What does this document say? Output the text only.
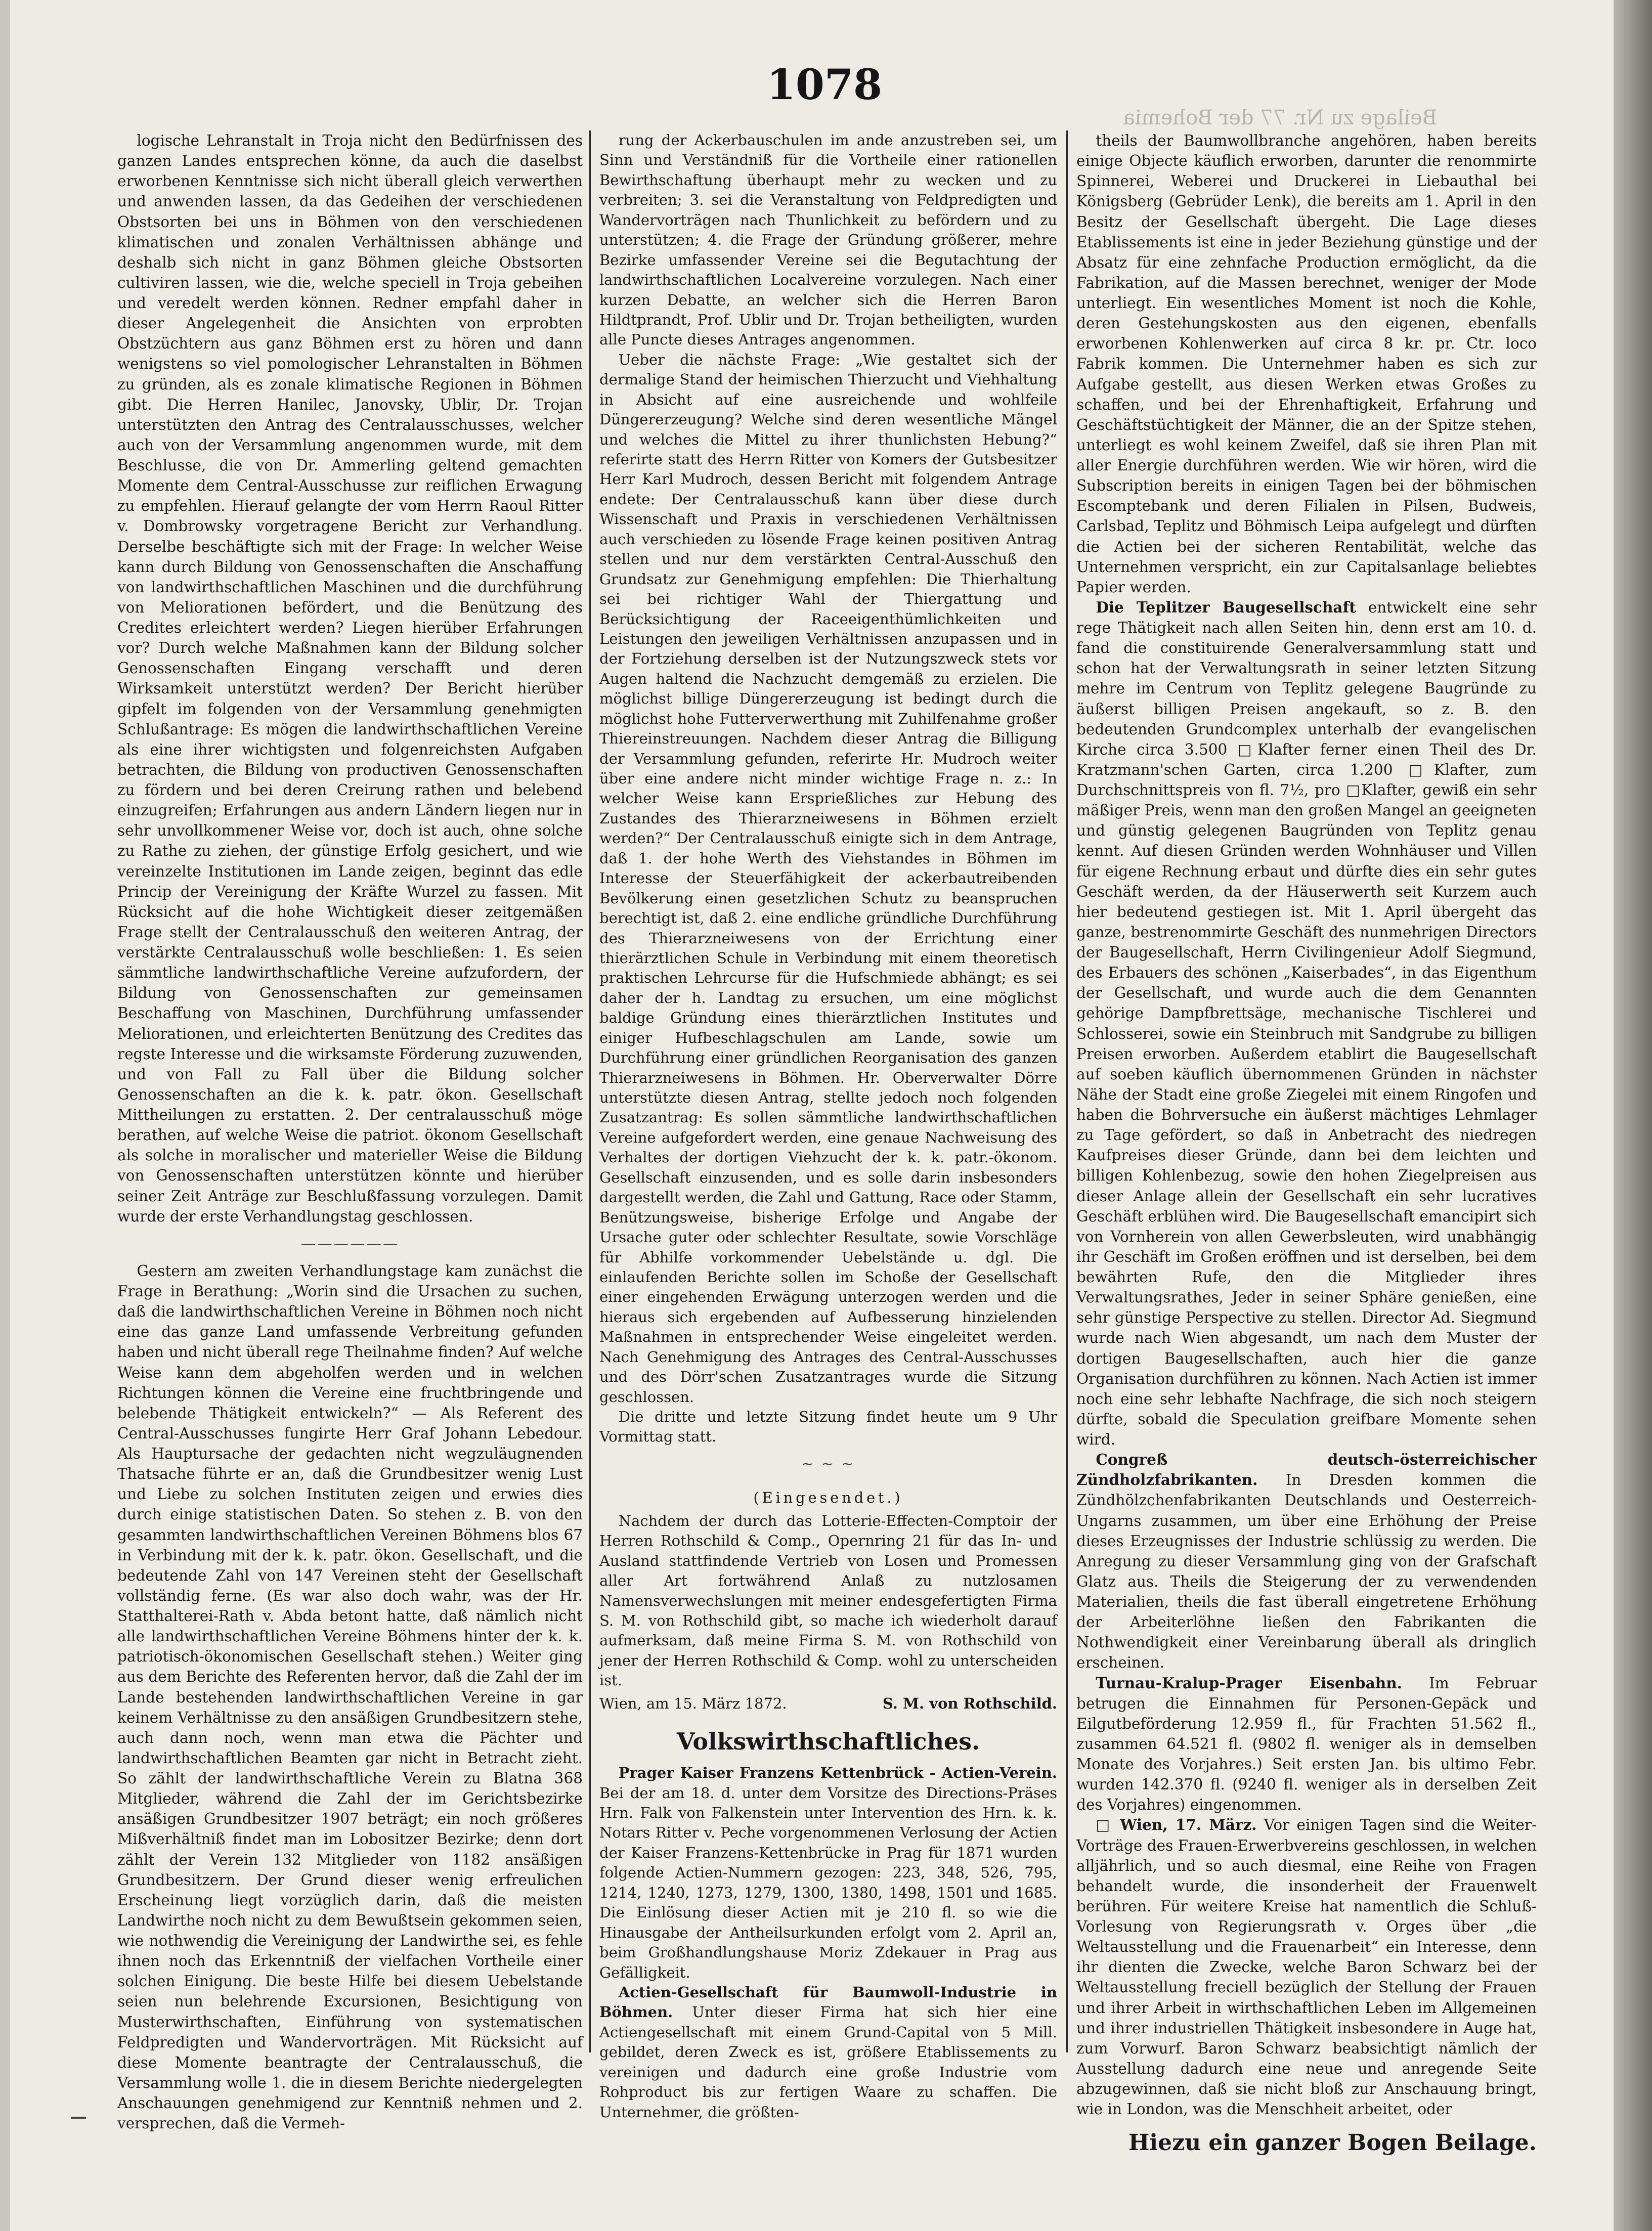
1078
Beilage zu Nr. 77 der Bohemia

logische Lehranstalt in Troja nicht den Bedürfnissen des ganzen Landes entsprechen könne, da auch die daselbst erworbenen Kenntnisse sich nicht überall gleich verwerthen und anwenden lassen, da das Gedeihen der verschiedenen Obstsorten bei uns in Böhmen von den verschiedenen klimatischen und zonalen Verhältnissen abhänge und deshalb sich nicht in ganz Böhmen gleiche Obstsorten cultiviren lassen, wie die, welche speciell in Troja gebeihen und veredelt werden können. Redner empfahl daher in dieser Angelegenheit die Ansichten von erprobten Obstzüchtern aus ganz Böhmen erst zu hören und dann wenigstens so viel pomologischer Lehranstalten in Böhmen zu gründen, als es zonale klimatische Regionen in Böhmen gibt. Die Herren Hanilec, Janovsky, Ublir, Dr. Trojan unterstützten den Antrag des Centralausschusses, welcher auch von der Versammlung angenommen wurde, mit dem Beschlusse, die von Dr. Ammerling geltend gemachten Momente dem Central-Ausschusse zur reiflichen Erwagung zu empfehlen. Hierauf gelangte der vom Herrn Raoul Ritter v. Dombrowsky vorgetragene Bericht zur Verhandlung. Derselbe beschäftigte sich mit der Frage: In welcher Weise kann durch Bildung von Genossenschaften die Anschaffung von landwirthschaftlichen Maschinen und die durchführung von Meliorationen befördert, und die Benützung des Credites erleichtert werden? Liegen hierüber Erfahrungen vor? Durch welche Maßnahmen kann der Bildung solcher Genossenschaften Eingang verschafft und deren Wirksamkeit unterstützt werden? Der Bericht hierüber gipfelt im folgenden von der Versammlung genehmigten Schlußantrage: Es mögen die landwirthschaftlichen Vereine als eine ihrer wichtigsten und folgenreichsten Aufgaben betrachten, die Bildung von productiven Genossenschaften zu fördern und bei deren Creirung rathen und belebend einzugreifen; Erfahrungen aus andern Ländern liegen nur in sehr unvollkommener Weise vor, doch ist auch, ohne solche zu Rathe zu ziehen, der günstige Erfolg gesichert, und wie vereinzelte Institutionen im Lande zeigen, beginnt das edle Princip der Vereinigung der Kräfte Wurzel zu fassen. Mit Rücksicht auf die hohe Wichtigkeit dieser zeitgemäßen Frage stellt der Centralausschuß den weiteren Antrag, der verstärkte Centralausschuß wolle beschließen: 1. Es seien sämmtliche landwirthschaftliche Vereine aufzufordern, der Bildung von Genossenschaften zur gemeinsamen Beschaffung von Maschinen, Durchführung umfassender Meliorationen, und erleichterten Benützung des Credites das regste Interesse und die wirksamste Förderung zuzuwenden, und von Fall zu Fall über die Bildung solcher Genossenschaften an die k. k. patr. ökon. Gesellschaft Mittheilungen zu erstatten. 2. Der centralausschuß möge berathen, auf welche Weise die patriot. ökonom Gesellschaft als solche in moralischer und materieller Weise die Bildung von Genossenschaften unterstützen könnte und hierüber seiner Zeit Anträge zur Beschlußfassung vorzulegen. Damit wurde der erste Verhandlungstag geschlossen.

——————

Gestern am zweiten Verhandlungstage kam zunächst die Frage in Berathung: „Worin sind die Ursachen zu suchen, daß die landwirthschaftlichen Vereine in Böhmen noch nicht eine das ganze Land umfassende Verbreitung gefunden haben und nicht überall rege Theilnahme finden? Auf welche Weise kann dem abgeholfen werden und in welchen Richtungen können die Vereine eine fruchtbringende und belebende Thätigkeit entwickeln?“ — Als Referent des Central-Ausschusses fungirte Herr Graf Johann Lebedour. Als Hauptursache der gedachten nicht wegzuläugnenden Thatsache führte er an, daß die Grundbesitzer wenig Lust und Liebe zu solchen Instituten zeigen und erwies dies durch einige statistischen Daten. So stehen z. B. von den gesammten landwirthschaftlichen Vereinen Böhmens blos 67 in Verbindung mit der k. k. patr. ökon. Gesellschaft, und die bedeutende Zahl von 147 Vereinen steht der Gesellschaft vollständig ferne. (Es war also doch wahr, was der Hr. Statthalterei-Rath v. Abda betont hatte, daß nämlich nicht alle landwirthschaftlichen Vereine Böhmens hinter der k. k. patriotisch-ökonomischen Gesellschaft stehen.) Weiter ging aus dem Berichte des Referenten hervor, daß die Zahl der im Lande bestehenden landwirthschaftlichen Vereine in gar keinem Verhältnisse zu den ansäßigen Grundbesitzern stehe, auch dann noch, wenn man etwa die Pächter und landwirthschaftlichen Beamten gar nicht in Betracht zieht. So zählt der landwirthschaftliche Verein zu Blatna 368 Mitglieder, während die Zahl der im Gerichtsbezirke ansäßigen Grundbesitzer 1907 beträgt; ein noch größeres Mißverhältniß findet man im Lobositzer Bezirke; denn dort zählt der Verein 132 Mitglieder von 1182 ansäßigen Grundbesitzern. Der Grund dieser wenig erfreulichen Erscheinung liegt vorzüglich darin, daß die meisten Landwirthe noch nicht zu dem Bewußtsein gekommen seien, wie nothwendig die Vereinigung der Landwirthe sei, es fehle ihnen noch das Erkenntniß der vielfachen Vortheile einer solchen Einigung. Die beste Hilfe bei diesem Uebelstande seien nun belehrende Excursionen, Besichtigung von Musterwirthschaften, Einführung von systematischen Feldpredigten und Wandervorträgen. Mit Rücksicht auf diese Momente beantragte der Centralausschuß, die Versammlung wolle 1. die in diesem Berichte niedergelegten Anschauungen genehmigend zur Kenntniß nehmen und 2. versprechen, daß die Vermeh-

rung der Ackerbauschulen im ande anzustreben sei, um Sinn und Verständniß für die Vortheile einer rationellen Bewirthschaftung überhaupt mehr zu wecken und zu verbreiten; 3. sei die Veranstaltung von Feldpredigten und Wandervorträgen nach Thunlichkeit zu befördern und zu unterstützen; 4. die Frage der Gründung größerer, mehre Bezirke umfassender Vereine sei die Begutachtung der landwirthschaftlichen Localvereine vorzulegen. Nach einer kurzen Debatte, an welcher sich die Herren Baron Hildtprandt, Prof. Ublir und Dr. Trojan betheiligten, wurden alle Puncte dieses Antrages angenommen.

Ueber die nächste Frage: „Wie gestaltet sich der dermalige Stand der heimischen Thierzucht und Viehhaltung in Absicht auf eine ausreichende und wohlfeile Düngererzeugung? Welche sind deren wesentliche Mängel und welches die Mittel zu ihrer thunlichsten Hebung?“ referirte statt des Herrn Ritter von Komers der Gutsbesitzer Herr Karl Mudroch, dessen Bericht mit folgendem Antrage endete: Der Centralausschuß kann über diese durch Wissenschaft und Praxis in verschiedenen Verhältnissen auch verschieden zu lösende Frage keinen positiven Antrag stellen und nur dem verstärkten Central-Ausschuß den Grundsatz zur Genehmigung empfehlen: Die Thierhaltung sei bei richtiger Wahl der Thiergattung und Berücksichtigung der Raceeigenthümlichkeiten und Leistungen den jeweiligen Verhältnissen anzupassen und in der Fortziehung derselben ist der Nutzungszweck stets vor Augen haltend die Nachzucht demgemäß zu erzielen. Die möglichst billige Düngererzeugung ist bedingt durch die möglichst hohe Futterverwerthung mit Zuhilfenahme großer Thiereinstreuungen. Nachdem dieser Antrag die Billigung der Versammlung gefunden, referirte Hr. Mudroch weiter über eine andere nicht minder wichtige Frage n. z.: In welcher Weise kann Ersprießliches zur Hebung des Zustandes des Thierarzneiwesens in Böhmen erzielt werden?“ Der Centralausschuß einigte sich in dem Antrage, daß 1. der hohe Werth des Viehstandes in Böhmen im Interesse der Steuerfähigkeit der ackerbautreibenden Bevölkerung einen gesetzlichen Schutz zu beanspruchen berechtigt ist, daß 2. eine endliche gründliche Durchführung des Thierarzneiwesens von der Errichtung einer thierärztlichen Schule in Verbindung mit einem theoretisch praktischen Lehrcurse für die Hufschmiede abhängt; es sei daher der h. Landtag zu ersuchen, um eine möglichst baldige Gründung eines thierärztlichen Institutes und einiger Hufbeschlagschulen am Lande, sowie um Durchführung einer gründlichen Reorganisation des ganzen Thierarzneiwesens in Böhmen. Hr. Oberverwalter Dörre unterstützte diesen Antrag, stellte jedoch noch folgenden Zusatzantrag: Es sollen sämmtliche landwirthschaftlichen Vereine aufgefordert werden, eine genaue Nachweisung des Verhaltes der dortigen Viehzucht der k. k. patr.-ökonom. Gesellschaft einzusenden, und es solle darin insbesonders dargestellt werden, die Zahl und Gattung, Race oder Stamm, Benützungsweise, bisherige Erfolge und Angabe der Ursache guter oder schlechter Resultate, sowie Vorschläge für Abhilfe vorkommender Uebelstände u. dgl. Die einlaufenden Berichte sollen im Schoße der Gesellschaft einer eingehenden Erwägung unterzogen werden und die hieraus sich ergebenden auf Aufbesserung hinzielenden Maßnahmen in entsprechender Weise eingeleitet werden. Nach Genehmigung des Antrages des Central-Ausschusses und des Dörr'schen Zusatzantrages wurde die Sitzung geschlossen.

Die dritte und letzte Sitzung findet heute um 9 Uhr Vormittag statt.

~ ~ ~
(Eingesendet.)

Nachdem der durch das Lotterie-Effecten-Comptoir der Herren Rothschild & Comp., Opernring 21 für das In- und Ausland stattfindende Vertrieb von Losen und Promessen aller Art fortwährend Anlaß zu nutzlosamen Namensverwechslungen mit meiner endesgefertigten Firma S. M. von Rothschild gibt, so mache ich wiederholt darauf aufmerksam, daß meine Firma S. M. von Rothschild von jener der Herren Rothschild & Comp. wohl zu unterscheiden ist.

Wien, am 15. März 1872.	S. M. von Rothschild.
Volkswirthschaftliches.

Prager Kaiser Franzens Kettenbrück - Actien-Verein. Bei der am 18. d. unter dem Vorsitze des Directions-Präses Hrn. Falk von Falkenstein unter Intervention des Hrn. k. k. Notars Ritter v. Peche vorgenommenen Verlosung der Actien der Kaiser Franzens-Kettenbrücke in Prag für 1871 wurden folgende Actien-Nummern gezogen: 223, 348, 526, 795, 1214, 1240, 1273, 1279, 1300, 1380, 1498, 1501 und 1685. Die Einlösung dieser Actien mit je 210 fl. so wie die Hinausgabe der Antheilsurkunden erfolgt vom 2. April an, beim Großhandlungshause Moriz Zdekauer in Prag aus Gefälligkeit.

Actien-Gesellschaft für Baumwoll-Industrie in Böhmen. Unter dieser Firma hat sich hier eine Actiengesellschaft mit einem Grund-Capital von 5 Mill. gebildet, deren Zweck es ist, größere Etablissements zu vereinigen und dadurch eine große Industrie vom Rohproduct bis zur fertigen Waare zu schaffen. Die Unternehmer, die größten-

theils der Baumwollbranche angehören, haben bereits einige Objecte käuflich erworben, darunter die renommirte Spinnerei, Weberei und Druckerei in Liebauthal bei Königsberg (Gebrüder Lenk), die bereits am 1. April in den Besitz der Gesellschaft übergeht. Die Lage dieses Etablissements ist eine in jeder Beziehung günstige und der Absatz für eine zehnfache Production ermöglicht, da die Fabrikation, auf die Massen berechnet, weniger der Mode unterliegt. Ein wesentliches Moment ist noch die Kohle, deren Gestehungskosten aus den eigenen, ebenfalls erworbenen Kohlenwerken auf circa 8 kr. pr. Ctr. loco Fabrik kommen. Die Unternehmer haben es sich zur Aufgabe gestellt, aus diesen Werken etwas Großes zu schaffen, und bei der Ehrenhaftigkeit, Erfahrung und Geschäftstüchtigkeit der Männer, die an der Spitze stehen, unterliegt es wohl keinem Zweifel, daß sie ihren Plan mit aller Energie durchführen werden. Wie wir hören, wird die Subscription bereits in einigen Tagen bei der böhmischen Escomptebank und deren Filialen in Pilsen, Budweis, Carlsbad, Teplitz und Böhmisch Leipa aufgelegt und dürften die Actien bei der sicheren Rentabilität, welche das Unternehmen verspricht, ein zur Capitalsanlage beliebtes Papier werden.

Die Teplitzer Baugesellschaft entwickelt eine sehr rege Thätigkeit nach allen Seiten hin, denn erst am 10. d. fand die constituirende Generalversammlung statt und schon hat der Verwaltungsrath in seiner letzten Sitzung mehre im Centrum von Teplitz gelegene Baugründe zu äußerst billigen Preisen angekauft, so z. B. den bedeutenden Grundcomplex unterhalb der evangelischen Kirche circa 3.500 □Klafter ferner einen Theil des Dr. Kratzmann'schen Garten, circa 1.200 □Klafter, zum Durchschnittspreis von fl. 7½, pro □Klafter, gewiß ein sehr mäßiger Preis, wenn man den großen Mangel an geeigneten und günstig gelegenen Baugründen von Teplitz genau kennt. Auf diesen Gründen werden Wohnhäuser und Villen für eigene Rechnung erbaut und dürfte dies ein sehr gutes Geschäft werden, da der Häuserwerth seit Kurzem auch hier bedeutend gestiegen ist. Mit 1. April übergeht das ganze, bestrenommirte Geschäft des nunmehrigen Directors der Baugesellschaft, Herrn Civilingenieur Adolf Siegmund, des Erbauers des schönen „Kaiserbades“, in das Eigenthum der Gesellschaft, und wurde auch die dem Genannten gehörige Dampfbrettsäge, mechanische Tischlerei und Schlosserei, sowie ein Steinbruch mit Sandgrube zu billigen Preisen erworben. Außerdem etablirt die Baugesellschaft auf soeben käuflich übernommenen Gründen in nächster Nähe der Stadt eine große Ziegelei mit einem Ringofen und haben die Bohrversuche ein äußerst mächtiges Lehmlager zu Tage gefördert, so daß in Anbetracht des niedregen Kaufpreises dieser Gründe, dann bei dem leichten und billigen Kohlenbezug, sowie den hohen Ziegelpreisen aus dieser Anlage allein der Gesellschaft ein sehr lucratives Geschäft erblühen wird. Die Baugesellschaft emancipirt sich von Vornherein von allen Gewerbsleuten, wird unabhängig ihr Geschäft im Großen eröffnen und ist derselben, bei dem bewährten Rufe, den die Mitglieder ihres Verwaltungsrathes, Jeder in seiner Sphäre genießen, eine sehr günstige Perspective zu stellen. Director Ad. Siegmund wurde nach Wien abgesandt, um nach dem Muster der dortigen Baugesellschaften, auch hier die ganze Organisation durchführen zu können. Nach Actien ist immer noch eine sehr lebhafte Nachfrage, die sich noch steigern dürfte, sobald die Speculation greifbare Momente sehen wird.

Congreß deutsch-österreichischer Zündholzfabrikanten. In Dresden kommen die Zündhölzchenfabrikanten Deutschlands und Oesterreich-Ungarns zusammen, um über eine Erhöhung der Preise dieses Erzeugnisses der Industrie schlüssig zu werden. Die Anregung zu dieser Versammlung ging von der Grafschaft Glatz aus. Theils die Steigerung der zu verwendenden Materialien, theils die fast überall eingetretene Erhöhung der Arbeiterlöhne ließen den Fabrikanten die Nothwendigkeit einer Vereinbarung überall als dringlich erscheinen.

Turnau-Kralup-Prager Eisenbahn. Im Februar betrugen die Einnahmen für Personen-Gepäck und Eilgutbeförderung 12.959 fl., für Frachten 51.562 fl., zusammen 64.521 fl. (9802 fl. weniger als in demselben Monate des Vorjahres.) Seit ersten Jan. bis ultimo Febr. wurden 142.370 fl. (9240 fl. weniger als in derselben Zeit des Vorjahres) eingenommen.

□ Wien, 17. März. Vor einigen Tagen sind die Weiter-Vorträge des Frauen-Erwerbvereins geschlossen, in welchen alljährlich, und so auch diesmal, eine Reihe von Fragen behandelt wurde, die insonderheit der Frauenwelt berühren. Für weitere Kreise hat namentlich die Schluß-Vorlesung von Regierungsrath v. Orges über „die Weltausstellung und die Frauenarbeit“ ein Interesse, denn ihr dienten die Zwecke, welche Baron Schwarz bei der Weltausstellung freciell bezüglich der Stellung der Frauen und ihrer Arbeit in wirthschaftlichen Leben im Allgemeinen und ihrer industriellen Thätigkeit insbesondere in Auge hat, zum Vorwurf. Baron Schwarz beabsichtigt nämlich der Ausstellung dadurch eine neue und anregende Seite abzugewinnen, daß sie nicht bloß zur Anschauung bringt, wie in London, was die Menschheit arbeitet, oder

Hiezu ein ganzer Bogen Beilage.
